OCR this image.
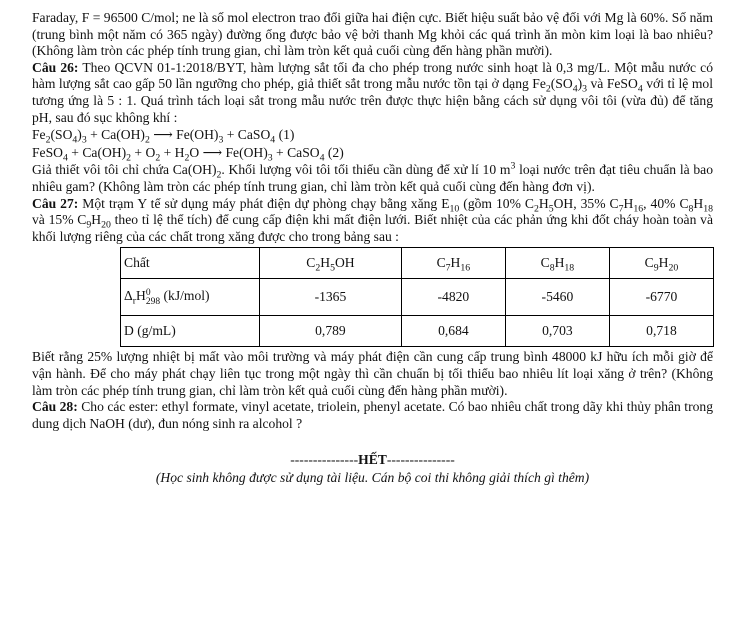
Faraday, F = 96500 C/mol; ne là số mol electron trao đổi giữa hai điện cực. Biết hiệu suất bảo vệ đối với Mg là 60%. Số năm (trung bình một năm có 365 ngày) đường ống được bảo vệ bởi thanh Mg khỏi các quá trình ăn mòn kim loại là bao nhiêu? (Không làm tròn các phép tính trung gian, chỉ làm tròn kết quả cuối cùng đến hàng phần mười).

Câu 26: Theo QCVN 01-1:2018/BYT, hàm lượng sắt tối đa cho phép trong nước sinh hoạt là 0,3 mg/L. Một mẫu nước có hàm lượng sắt cao gấp 50 lần ngưỡng cho phép, giả thiết sắt trong mẫu nước tồn tại ở dạng $Fe_2(SO_4)_3$ và FeSO$_4$ với tỉ lệ mol tương ứng là 5 : 1. Quá trình tách loại sắt trong mẫu nước trên được thực hiện bằng cách sử dụng vôi tôi (vừa đủ) để tăng pH, sau đó sục không khí :

$Fe_2(SO_4)_3 + Ca(OH)_2$ ⟶ $Fe(OH)_3$ + CaSO$_4$ (1)

FeSO$_4$ + $Ca(OH)_2 + O_2 + H_2O$ ⟶ $Fe(OH)_3$ + CaSO$_4$ (2)

Giả thiết vôi tôi chỉ chứa $Ca(OH)_2$. Khối lượng vôi tôi tối thiểu cần dùng để xử lí 10 $m^3$ loại nước trên đạt tiêu chuẩn là bao nhiêu gam? (Không làm tròn các phép tính trung gian, chỉ làm tròn kết quả cuối cùng đến hàng đơn vị).

Câu 27: Một trạm Y tế sử dụng máy phát điện dự phòng chạy bằng xăng $E_{10}$ (gồm 10% $C_2H_5OH$, 35% $C_7H_{16}$, 40% $C_8H_{18}$ và 15% $C_9H_{20}$ theo tỉ lệ thể tích) để cung cấp điện khi mất điện lưới. Biết nhiệt của các phản ứng khi đốt cháy hoàn toàn và khối lượng riêng của các chất trong xăng được cho trong bảng sau :

Chất	$C_2H_5OH$	$C_7H_{16}$	$C_8H_{18}$	$C_9H_{20}$
$\Delta_rH$ 0
298 (kJ/mol)	-1365	-4820	-5460	-6770
D (g/mL)	0,789	0,684	0,703	0,718

Biết rằng 25% lượng nhiệt bị mất vào môi trường và máy phát điện cần cung cấp trung bình 48000 kJ hữu ích mỗi giờ để vận hành. Để cho máy phát chạy liên tục trong một ngày thì cần chuẩn bị tối thiểu bao nhiêu lít loại xăng ở trên? (Không làm tròn các phép tính trung gian, chỉ làm tròn kết quả cuối cùng đến hàng phần mười).

Câu 28: Cho các ester: ethyl formate, vinyl acetate, triolein, phenyl acetate. Có bao nhiêu chất trong dãy khi thủy phân trong dung dịch NaOH (dư), đun nóng sinh ra alcohol ?

---------------HẾT---------------

(Học sinh không được sử dụng tài liệu. Cán bộ coi thi không giải thích gì thêm)
